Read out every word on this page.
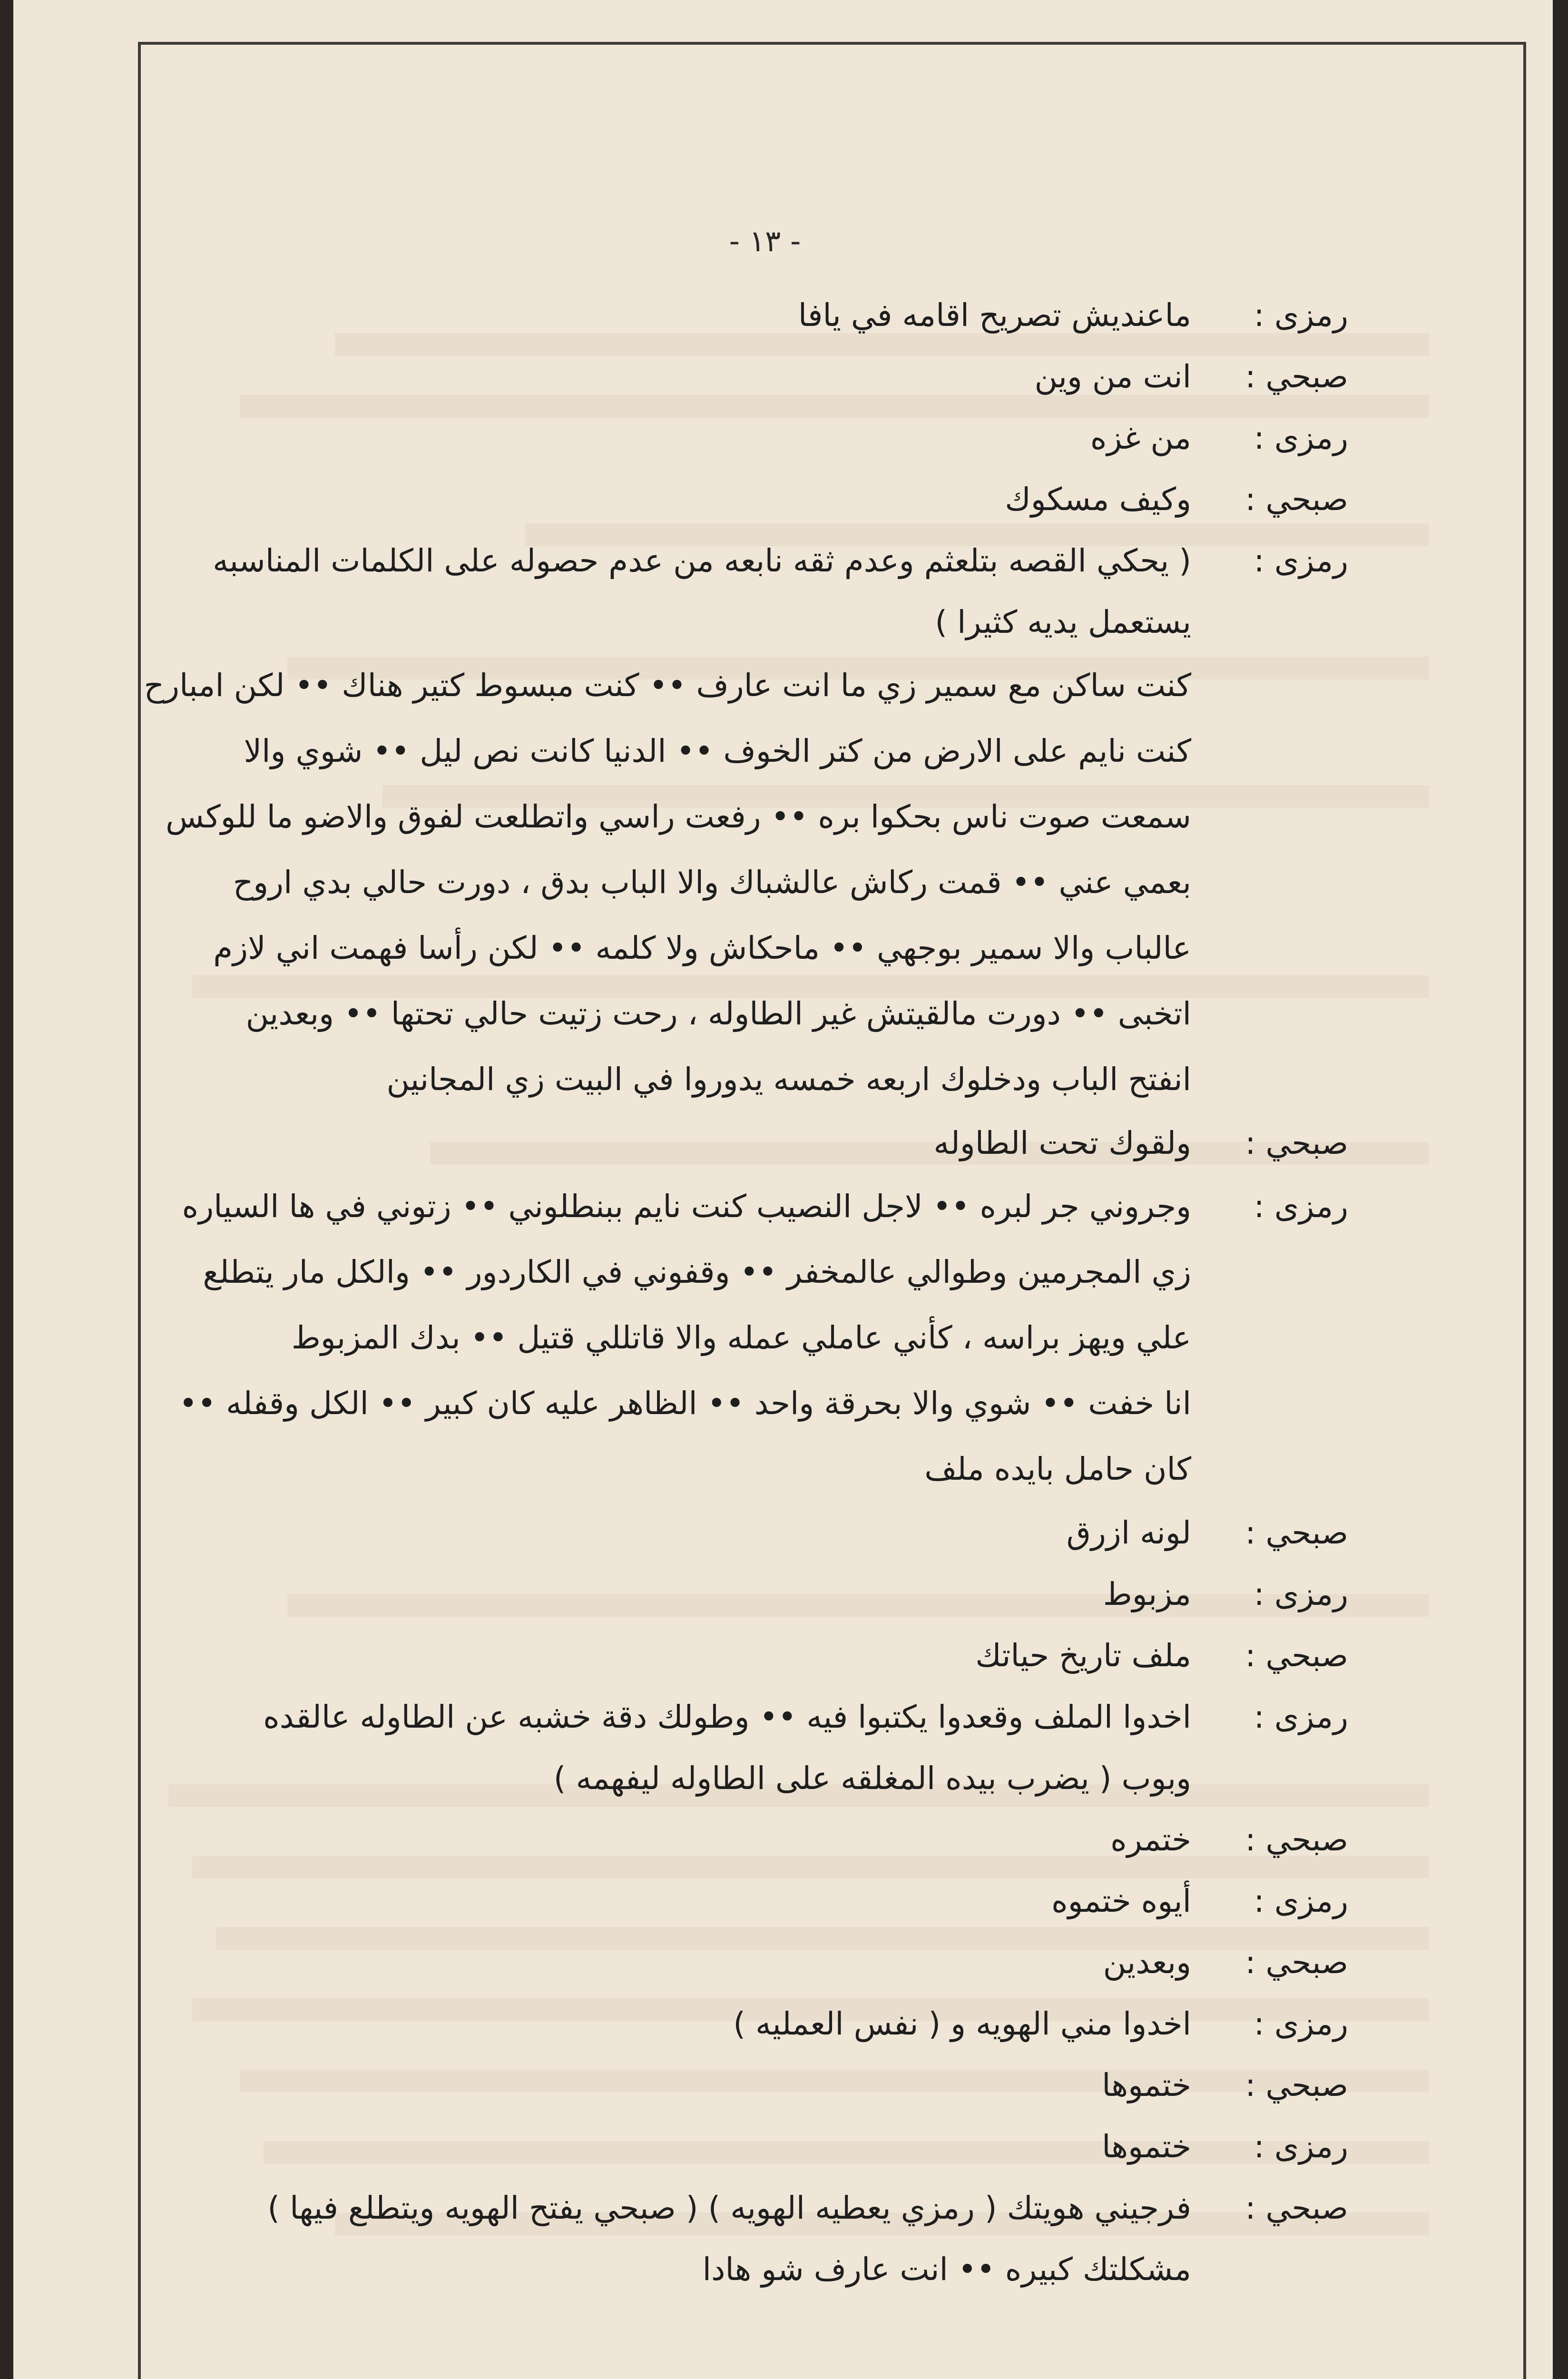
- ١٣ -
رمزى :ماعنديش تصريح اقامه في يافا
صبحي :انت من وين
رمزى :من غزه
صبحي :وكيف مسكوك
رمزى :( يحكي القصه بتلعثم وعدم ثقه نابعه من عدم حصوله على الكلمات المناسبه
يستعمل يديه كثيرا )
كنت ساكن مع سمير زي ما انت عارف •• كنت مبسوط كتير هناك •• لكن امبارح
كنت نايم على الارض من كتر الخوف •• الدنيا كانت نص ليل •• شوي والا
سمعت صوت ناس بحكوا بره •• رفعت راسي واتطلعت لفوق والاضو ما للوكس
بعمي عني •• قمت ركاش عالشباك والا الباب بدق ، دورت حالي بدي اروح
عالباب والا سمير بوجهي •• ماحكاش ولا كلمه •• لكن رأسا فهمت اني لازم
اتخبى •• دورت مالقيتش غير الطاوله ، رحت زتيت حالي تحتها •• وبعدين
انفتح الباب ودخلوك اربعه خمسه يدوروا في البيت زي المجانين
صبحي :ولقوك تحت الطاوله
رمزى :وجروني جر لبره •• لاجل النصيب كنت نايم ببنطلوني •• زتوني في ها السياره
زي المجرمين وطوالي عالمخفر •• وقفوني في الكاردور •• والكل مار يتطلع
علي ويهز براسه ، كأني عاملي عمله والا قاتللي قتيل •• بدك المزبوط
انا خفت •• شوي والا بحرقة واحد •• الظاهر عليه كان كبير •• الكل وقفله ••
كان حامل بايده ملف
صبحي :لونه ازرق
رمزى :مزبوط
صبحي :ملف تاريخ حياتك
رمزى :اخدوا الملف وقعدوا يكتبوا فيه •• وطولك دقة خشبه عن الطاوله عالقده
وبوب ( يضرب بيده المغلقه على الطاوله ليفهمه )
صبحي :ختمره
رمزى :أيوه ختموه
صبحي :وبعدين
رمزى :اخدوا مني الهويه و ( نفس العمليه )
صبحي :ختموها
رمزى :ختموها
صبحي :فرجيني هويتك ( رمزي يعطيه الهويه ) ( صبحي يفتح الهويه ويتطلع فيها )
مشكلتك كبيره •• انت عارف شو هادا
